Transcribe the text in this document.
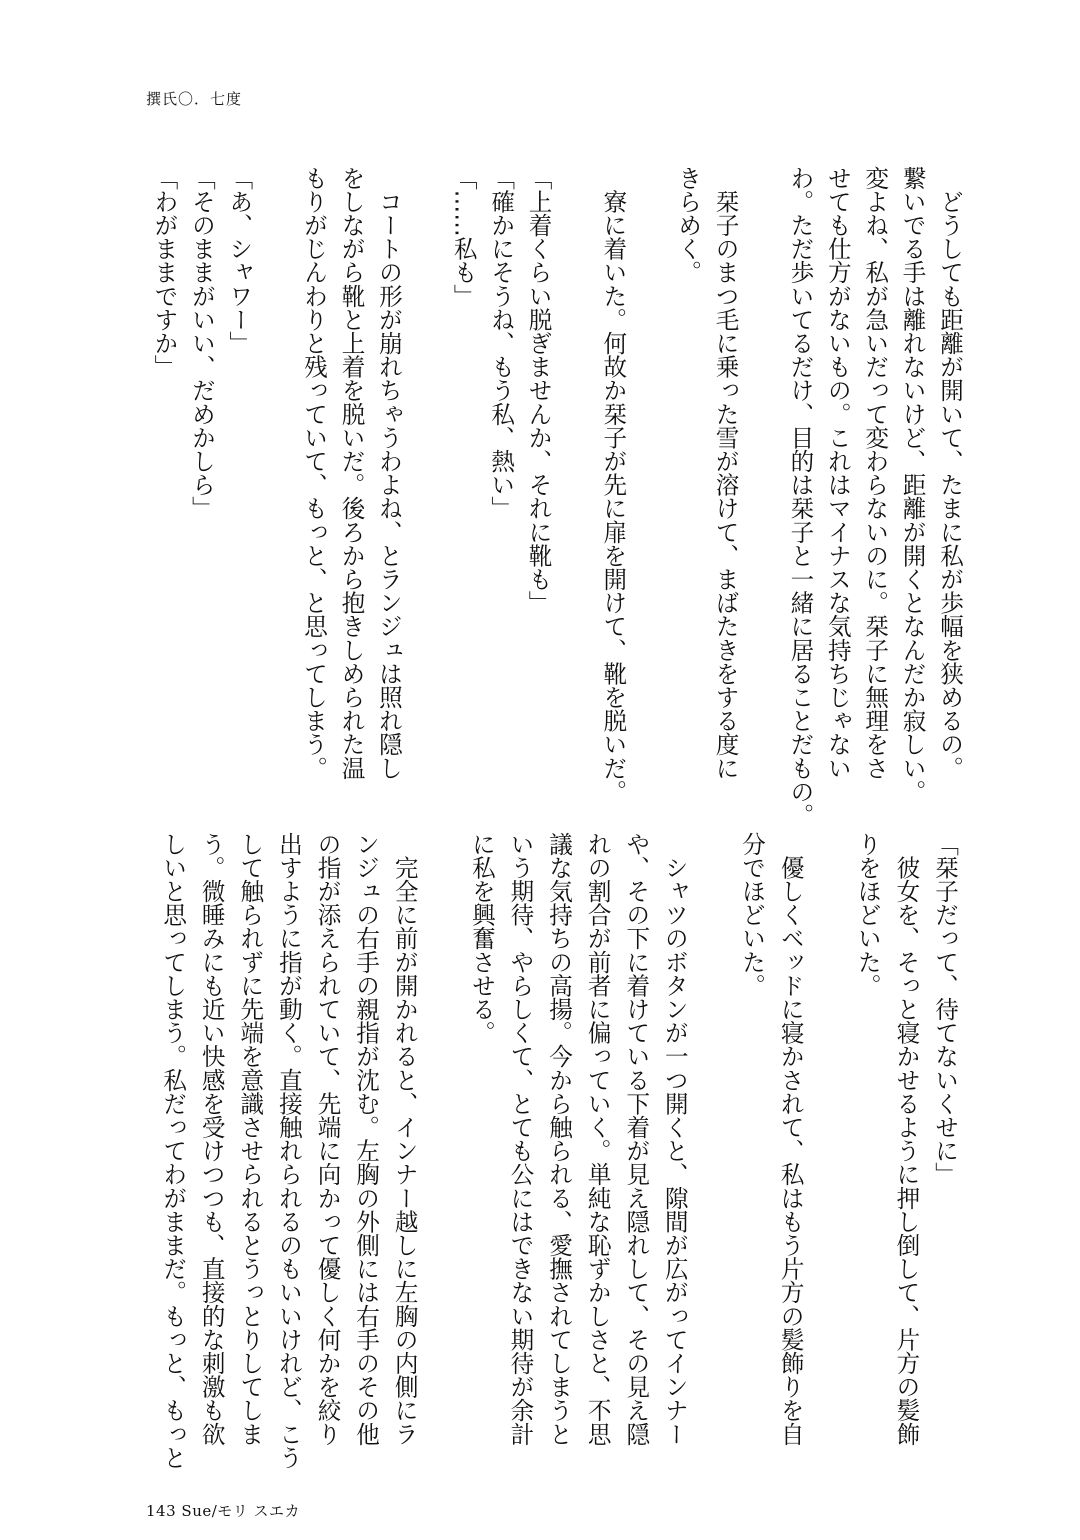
撰氏〇．七度
　どうしても距離が開いて、たまに私が歩幅を狭めるの。
繋いでる手は離れないけど、距離が開くとなんだか寂しい。
変よね、私が急いだって変わらないのに。栞子に無理をさ
せても仕方がないもの。これはマイナスな気持ちじゃない
わ。ただ歩いてるだけ、目的は栞子と一緒に居ることだもの。

　栞子のまつ毛に乗った雪が溶けて、まばたきをする度に
きらめく。

　寮に着いた。何故か栞子が先に扉を開けて、靴を脱いだ。

「上着くらい脱ぎませんか、それに靴も」
「確かにそうね、もう私、熱い」
「……私も」

　コートの形が崩れちゃうわよね、とランジュは照れ隠し
をしながら靴と上着を脱いだ。後ろから抱きしめられた温
もりがじんわりと残っていて、もっと、と思ってしまう。

「あ、シャワー」
「そのままがいい、だめかしら」
「わがままですか」
「栞子だって、待てないくせに」
　彼女を、そっと寝かせるように押し倒して、片方の髪飾
りをほどいた。

　優しくベッドに寝かされて、私はもう片方の髪飾りを自
分でほどいた。

　シャツのボタンが一つ開くと、隙間が広がってインナー
や、その下に着けている下着が見え隠れして、その見え隠
れの割合が前者に偏っていく。単純な恥ずかしさと、不思
議な気持ちの高揚。今から触られる、愛撫されてしまうと
いう期待、やらしくて、とても公にはできない期待が余計
に私を興奮させる。

　完全に前が開かれると、インナー越しに左胸の内側にラ
ンジュの右手の親指が沈む。左胸の外側には右手のその他
の指が添えられていて、先端に向かって優しく何かを絞り
出すように指が動く。直接触れられるのもいいけれど、こう
して触られずに先端を意識させられるとうっとりしてしま
う。微睡みにも近い快感を受けつつも、直接的な刺激も欲
しいと思ってしまう。私だってわがままだ。もっと、もっと
143 Sue/モリ スエカ
